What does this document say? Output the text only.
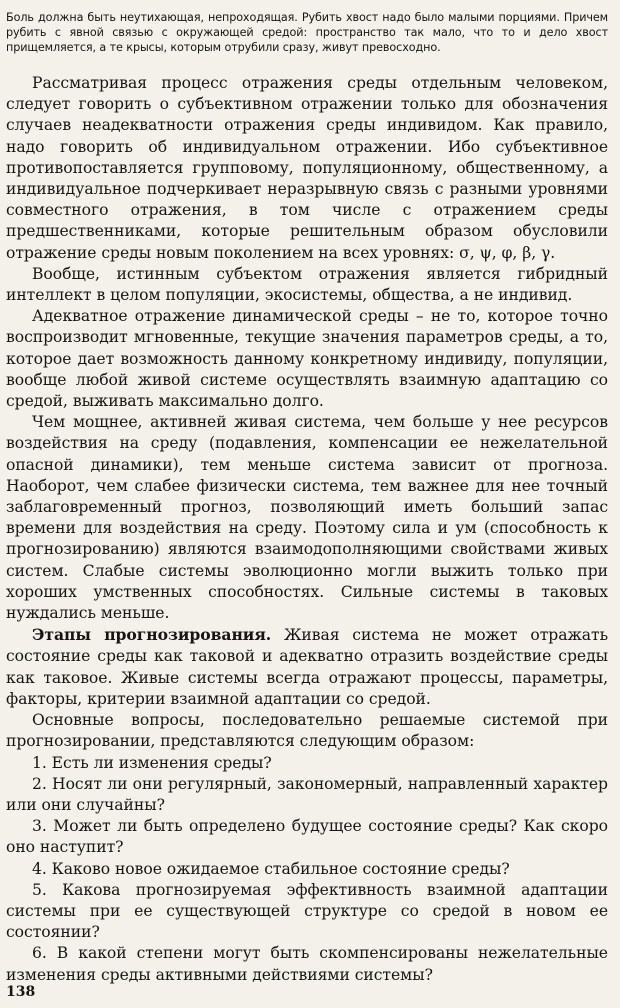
Боль должна быть неутихающая, непроходящая. Рубить хвост надо было малыми порциями. Причем рубить с явной связью с окружающей средой: пространство так мало, что то и дело хвост прищемляется, а те крысы, которым отрубили сразу, живут превосходно.

Рассматривая процесс отражения среды отдельным человеком, следует говорить о субъективном отражении только для обозначения случаев неадекватности отражения среды индивидом. Как правило, надо говорить об индивидуальном отражении. Ибо субъективное противопоставляется групповому, популяционному, общественному, а индивидуальное подчеркивает неразрывную связь с разными уровнями совместного отражения, в том числе с отражением среды предшественниками, которые решительным образом обусловили отражение среды новым поколением на всех уровнях: σ, ψ, φ, β, γ.

Вообще, истинным субъектом отражения является гибридный интеллект в целом популяции, экосистемы, общества, а не индивид.

Адекватное отражение динамической среды – не то, которое точно воспроизводит мгновенные, текущие значения параметров среды, а то, которое дает возможность данному конкретному индивиду, популяции, вообще любой живой системе осуществлять взаимную адаптацию со средой, выживать максимально долго.

Чем мощнее, активней живая система, чем больше у нее ресурсов воздействия на среду (подавления, компенсации ее нежелательной опасной динамики), тем меньше система зависит от прогноза. Наоборот, чем слабее физически система, тем важнее для нее точный заблаговременный прогноз, позволяющий иметь больший запас времени для воздействия на среду. Поэтому сила и ум (способность к прогнозированию) являются взаимодополняющими свойствами живых систем. Слабые системы эволюционно могли выжить только при хороших умственных способностях. Сильные системы в таковых нуждались меньше.

Этапы прогнозирования. Живая система не может отражать состояние среды как таковой и адекватно отразить воздействие среды как таковое. Живые системы всегда отражают процессы, параметры, факторы, критерии взаимной адаптации со средой.

Основные вопросы, последовательно решаемые системой при прогнозировании, представляются следующим образом:

1. Есть ли изменения среды?

2. Носят ли они регулярный, закономерный, направленный характер или они случайны?

3. Может ли быть определено будущее состояние среды? Как скоро оно наступит?

4. Каково новое ожидаемое стабильное состояние среды?

5. Какова прогнозируемая эффективность взаимной адаптации системы при ее существующей структуре со средой в новом ее состоянии?

6. В какой степени могут быть скомпенсированы нежелательные изменения среды активными действиями системы?

138
